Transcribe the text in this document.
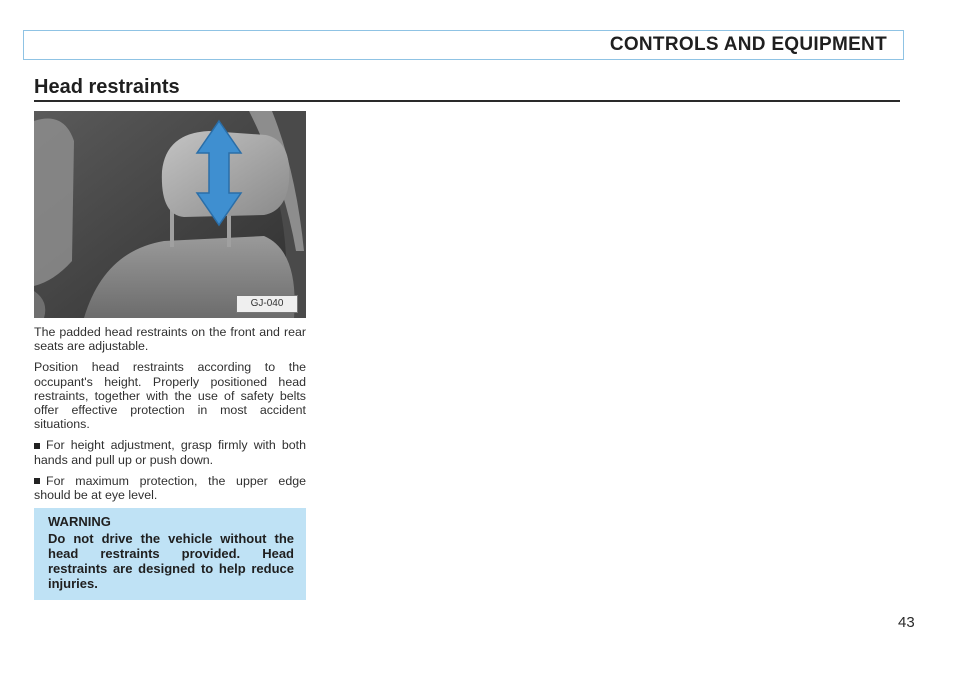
CONTROLS AND EQUIPMENT
Head restraints
GJ-040

The padded head restraints on the front and rear seats are adjustable.

Position head restraints according to the occupant's height. Properly positioned head restraints, together with the use of safety belts offer effective protection in most accident situations.

For height adjustment, grasp firmly with both hands and pull up or push down.

For maximum protection, the upper edge should be at eye level.

WARNING

Do not drive the vehicle without the head restraints provided. Head restraints are designed to help reduce injuries.

43
